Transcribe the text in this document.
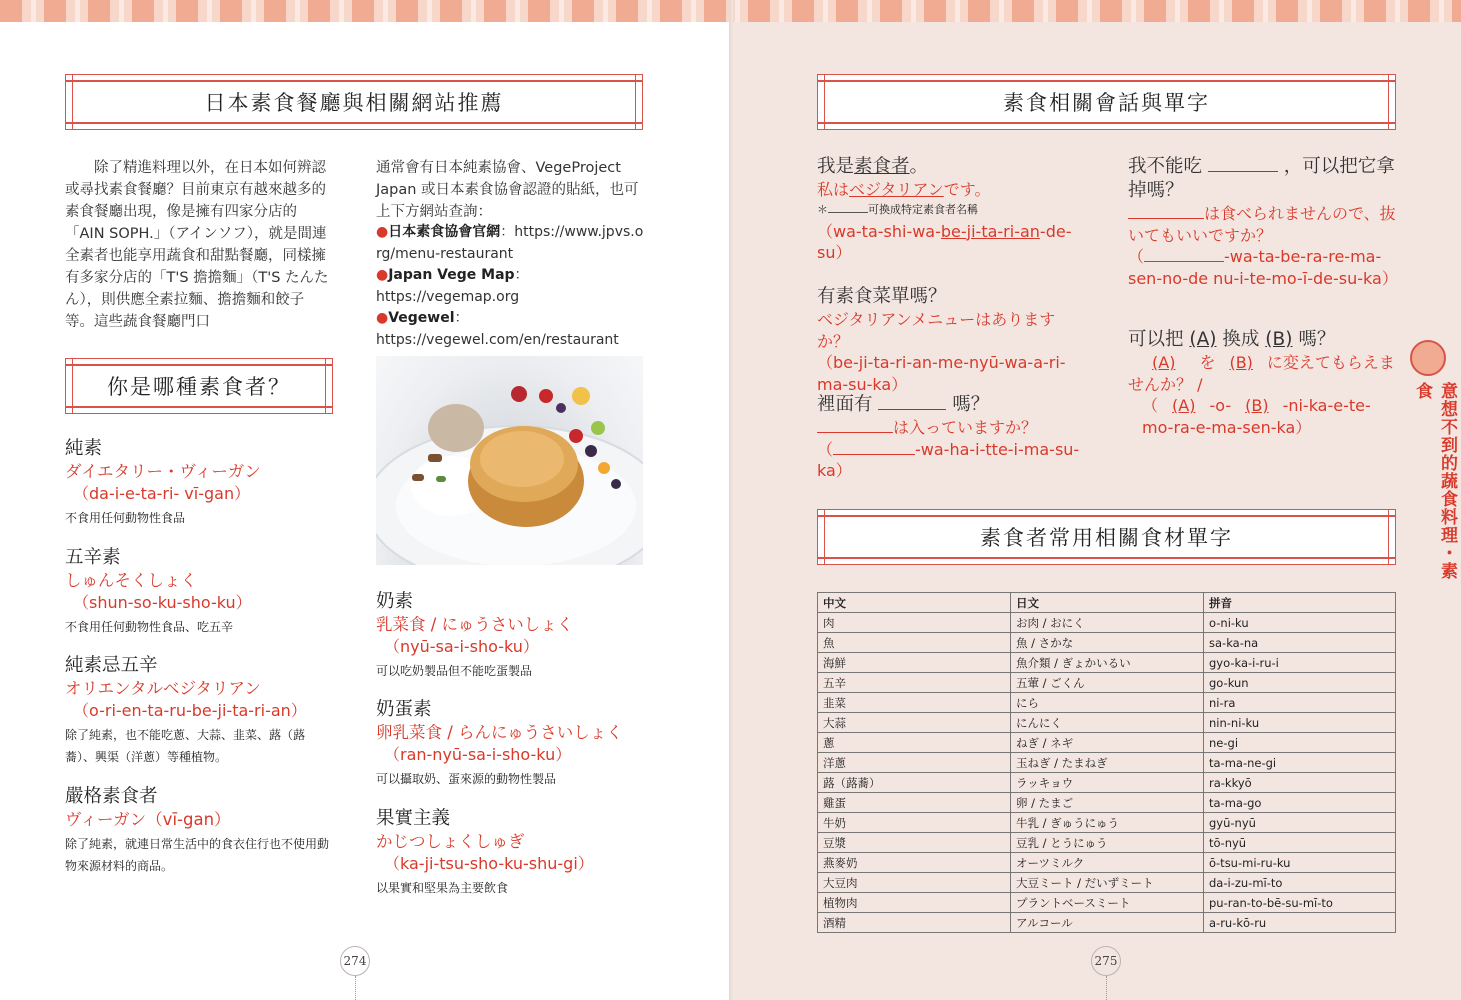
日本素食餐廳與相關網站推薦
除了精進料理以外，在日本如何辨認或尋找素食餐廳？目前東京有越來越多的素食餐廳出現，像是擁有四家分店的「AIN SOPH.」（アインソフ），就是間連全素者也能享用蔬食和甜點餐廳，同樣擁有多家分店的「T'S 擔擔麵」（T'S たんたん），則供應全素拉麵、擔擔麵和餃子等。這些蔬食餐廳門口
通常會有日本純素協會、VegeProject Japan 或日本素食協會認證的貼紙，也可上下方網站查詢：
●日本素食協會官網：https://www.jpvs.org/menu-restaurant
●Japan Vege Map：https://vegemap.org
●Vegewel：https://vegewel.com/en/restaurant
你是哪種素食者？
純素
ダイエタリー・ヴィーガン
（da-i-e-ta-ri- vī-gan）
不食用任何動物性食品
五辛素
しゅんそくしょく
（shun-so-ku-sho-ku）
不食用任何動物性食品、吃五辛
純素忌五辛
オリエンタルベジタリアン
（o-ri-en-ta-ru-be-ji-ta-ri-an）
除了純素，也不能吃蔥、大蒜、韭菜、蕗（蕗蕎）、興渠（洋蔥）等種植物。
嚴格素食者
ヴィーガン（vī-gan）
除了純素，就連日常生活中的食衣住行也不使用動物來源材料的商品。
奶素
乳菜食 / にゅうさいしょく
（nyū-sa-i-sho-ku）
可以吃奶製品但不能吃蛋製品
奶蛋素
卵乳菜食 / らんにゅうさいしょく
（ran-nyū-sa-i-sho-ku）
可以攝取奶、蛋來源的動物性製品
果實主義
かじつしょくしゅぎ
（ka-ji-tsu-sho-ku-shu-gi）
以果實和堅果為主要飲食
274
素食相關會話與單字
我是素食者。
私はベジタリアンです。
＊	可換成特定素食者名稱
（wa-ta-shi-wa-be-ji-ta-ri-an-de-su）
有素食菜單嗎？
ベジタリアンメニューはありますか？
（be-ji-ta-ri-an-me-nyū-wa-a-ri-ma-su-ka）
裡面有	嗎？
は入っていますか？
（	-wa-ha-i-tte-i-ma-su-ka）
我不能吃	，可以把它拿掉嗎？
は食べられませんので、抜いてもいいですか？
（	-wa-ta-be-ra-re-ma-sen-no-de nu-i-te-mo-ī-de-su-ka）
可以把 (A) 換成 (B) 嗎？
(A) を (B) に変えてもらえませんか？ /
（ (A) -o- (B) -ni-ka-e-te-mo-ra-e-ma-sen-ka）
素食者常用相關食材單字
中文	日文	拼音
肉	お肉 / おにく	o-ni-ku
魚	魚 / さかな	sa-ka-na
海鮮	魚介類 / ぎょかいるい	gyo-ka-i-ru-i
五辛	五葷 / ごくん	go-kun
韭菜	にら	ni-ra
大蒜	にんにく	nin-ni-ku
蔥	ねぎ / ネギ	ne-gi
洋蔥	玉ねぎ / たまねぎ	ta-ma-ne-gi
蕗（蕗蕎）	ラッキョウ	ra-kkyō
雞蛋	卵 / たまご	ta-ma-go
牛奶	牛乳 / ぎゅうにゅう	gyū-nyū
豆漿	豆乳 / とうにゅう	tō-nyū
燕麥奶	オーツミルク	ō-tsu-mi-ru-ku
大豆肉	大豆ミート / だいずミート	da-i-zu-mī-to
植物肉	プラントベースミート	pu-ran-to-bē-su-mī-to
酒精	アルコール	a-ru-kō-ru
意想不到的蔬食料理・素食
275
